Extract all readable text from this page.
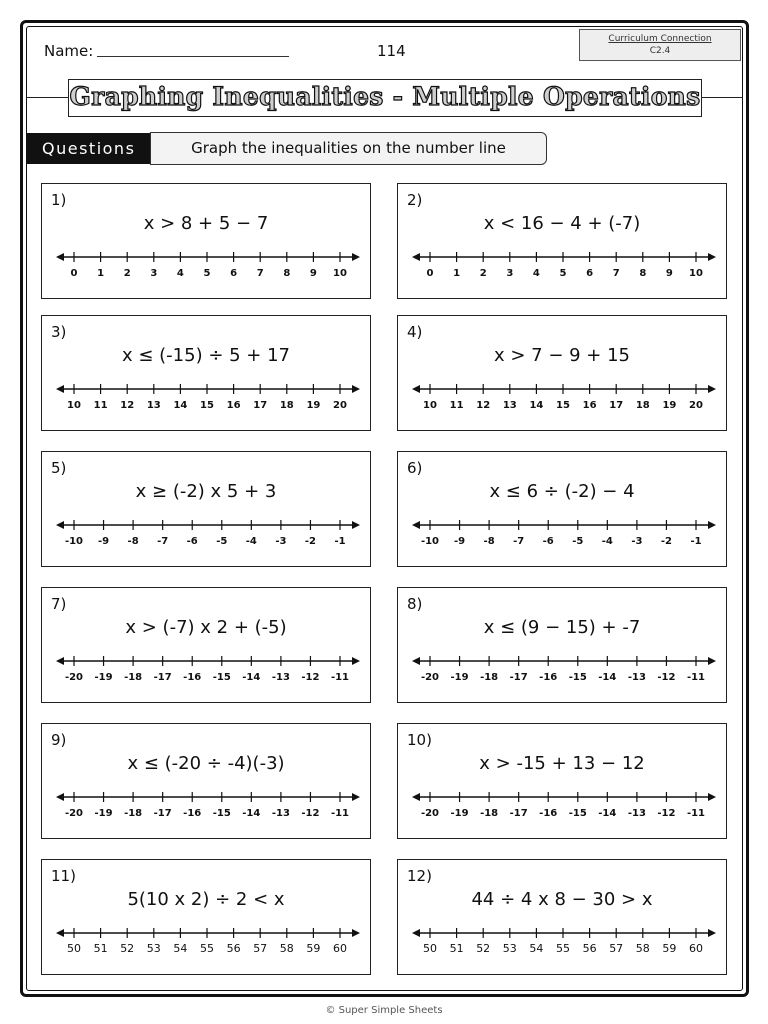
Name:	114
Curriculum Connection
C2.4
Graphing Inequalities - Multiple Operations
Questions	Graph the inequalities on the number line
1)
x > 8 + 5 − 7
0 1 2 3 4 5 6 7 8 9 10
2)
x < 16 − 4 + (-7)
0 1 2 3 4 5 6 7 8 9 10
3)
x ≤ (-15) ÷ 5 + 17
10 11 12 13 14 15 16 17 18 19 20
4)
x > 7 − 9 + 15
10 11 12 13 14 15 16 17 18 19 20
5)
x ≥ (-2) x 5 + 3
-10 -9 -8 -7 -6 -5 -4 -3 -2 -1
6)
x ≤ 6 ÷ (-2) − 4
-10 -9 -8 -7 -6 -5 -4 -3 -2 -1
7)
x > (-7) x 2 + (-5)
-20 -19 -18 -17 -16 -15 -14 -13 -12 -11
8)
x ≤ (9 − 15) + -7
-20 -19 -18 -17 -16 -15 -14 -13 -12 -11
9)
x ≤ (-20 ÷ -4)(-3)
-20 -19 -18 -17 -16 -15 -14 -13 -12 -11
10)
x > -15 + 13 − 12
-20 -19 -18 -17 -16 -15 -14 -13 -12 -11
11)
5(10 x 2) ÷ 2 < x
50 51 52 53 54 55 56 57 58 59 60
12)
44 ÷ 4 x 8 − 30 > x
50 51 52 53 54 55 56 57 58 59 60
© Super Simple Sheets
